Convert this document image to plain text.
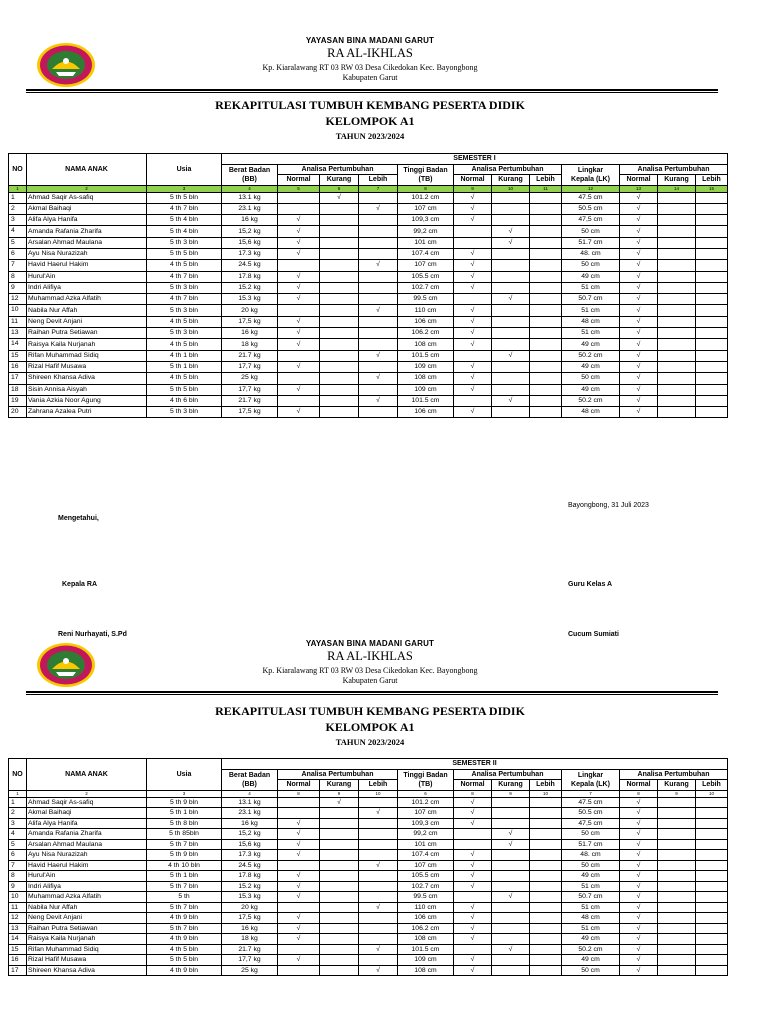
YAYASAN BINA MADANI GARUT
RA AL-IKHLAS
Kp. Kiaralawang RT 03 RW 03 Desa Cikedokan Kec. Bayongbong
Kabupaten Garut
REKAPITULASI TUMBUH KEMBANG PESERTA DIDIK
KELOMPOK A1
TAHUN 2023/2024
NO	NAMA ANAK	Usia	SEMESTER I											
			Berat Badan
(BB)	Analisa Pertumbuhan			Tinggi Badan
(TB)	Analisa Pertumbuhan			Lingkar
Kepala (LK)	Analisa Pertumbuhan		
				Normal	Kurang	Lebih		Normal	Kurang	Lebih		Normal	Kurang	Lebih
1	2	3	4	5	6	7	8	9	10	11	12	13	14	15
1	Ahmad Saqir As-safiq	5 th 5 bln	13.1 kg		√		101.2 cm	√			47.5 cm	√		
2	Akmal Baihaqi	4 th 7 bln	23.1 kg			√	107 cm	√			50.5 cm	√		
3	Alifa Alya Hanifa	5 th 4 bln	16 kg	√			109,3 cm	√			47,5 cm	√		
4	Amanda Rafania Zharifa	5 th 4 bln	15,2 kg	√			99,2 cm		√		50 cm	√		
5	Arsalan Ahmad Maulana	5 th 3 bln	15,6 kg	√			101 cm		√		51.7 cm	√		
6	Ayu Nisa Nurazizah	5 th 5 bln	17.3 kg	√			107.4 cm	√			48. cm	√		
7	Havid Haerul Hakim	4 th 5 bln	24.5 kg			√	107 cm	√			50 cm	√		
8	Hurul'Ain	4 th 7 bln	17.8 kg	√			105.5 cm	√			49 cm	√		
9	Indri Alifiya	5 th 3 bln	15.2 kg	√			102.7 cm	√			51 cm	√		
12	Muhammad Azka Alfatih	4 th 7 bln	15.3 kg	√			99.5 cm		√		50.7 cm	√		
10	Nabila Nur Affah	5 th 3 bln	20 kg			√	110 cm	√			51 cm	√		
11	Neng Devit Anjani	4 th 5 bln	17,5 kg	√			106 cm	√			48 cm	√		
13	Raihan Putra Setiawan	5 th 3 bln	16 kg	√			106.2 cm	√			51 cm	√		
14	Raisya Kaila Nurjanah	4 th 5 bln	18 kg	√			108 cm	√			49 cm	√		
15	Rifan Muhammad Sidiq	4 th 1 bln	21.7 kg			√	101.5 cm		√		50.2 cm	√		
16	Rizal Hafif Musawa	5 th 1 bln	17,7 kg	√			109 cm	√			49 cm	√		
17	Shireen Khansa Adiva	4 th 5 bln	25 kg			√	108 cm	√			50 cm	√		
18	Sisin Annisa Aisyah	5 th 5 bln	17,7 kg	√			109 cm	√			49 cm	√		
19	Vania Azkia Noor Agung	4 th 6 bln	21.7 kg			√	101.5 cm		√		50.2 cm	√		
20	Zahrana Azalea Putri	5 th 3 bln	17,5 kg	√			106 cm	√			48 cm	√		
Bayongbong, 31 Juli 2023
Mengetahui,
Kepala RA	Guru Kelas A
Reni Nurhayati, S.Pd	Cucum Sumiati
YAYASAN BINA MADANI GARUT
RA AL-IKHLAS
Kp. Kiaralawang RT 03 RW 03 Desa Cikedokan Kec. Bayongbong
Kabupaten Garut
REKAPITULASI TUMBUH KEMBANG PESERTA DIDIK
KELOMPOK A1
TAHUN 2023/2024
NO	NAMA ANAK	Usia	SEMESTER II											
			Berat Badan
(BB)	Analisa Pertumbuhan			Tinggi Badan
(TB)	Analisa Pertumbuhan			Lingkar
Kepala (LK)	Analisa Pertumbuhan		
				Normal	Kurang	Lebih		Normal	Kurang	Lebih		Normal	Kurang	Lebih
1	2	3	4	8	9	10	6	8	9	10	7	8	9	10
1	Ahmad Saqir As-safiq	5 th 9 bln	13.1 kg		√		101.2 cm	√			47.5 cm	√		
2	Akmal Baihaqi	5 th 1 bln	23.1 kg			√	107 cm	√			50.5 cm	√		
3	Alifa Alya Hanifa	5 th 8 bln	16 kg	√			109,3 cm	√			47,5 cm	√		
4	Amanda Rafania Zharifa	5 th 85bln	15,2 kg	√			99,2 cm		√		50 cm	√		
5	Arsalan Ahmad Maulana	5 th 7 bln	15,6 kg	√			101 cm		√		51.7 cm	√		
6	Ayu Nisa Nurazizah	5 th 9 bln	17.3 kg	√			107.4 cm	√			48. cm	√		
7	Havid Haerul Hakim	4 th 10 bln	24.5 kg			√	107 cm	√			50 cm	√		
8	Hurul'Ain	5 th 1 bln	17.8 kg	√			105.5 cm	√			49 cm	√		
9	Indri Alifiya	5 th 7 bln	15.2 kg	√			102.7 cm	√			51 cm	√		
10	Muhammad Azka Alfatih	5 th	15.3 kg	√			99.5 cm		√		50.7 cm	√		
11	Nabila Nur Affah	5 th 7 bln	20 kg			√	110 cm	√			51 cm	√		
12	Neng Devit Anjani	4 th 9 bln	17,5 kg	√			106 cm	√			48 cm	√		
13	Raihan Putra Setiawan	5 th 7 bln	16 kg	√			106.2 cm	√			51 cm	√		
14	Raisya Kaila Nurjanah	4 th 9 bln	18 kg	√			108 cm	√			49 cm	√		
15	Rifan Muhammad Sidiq	4 th 5 bln	21.7 kg			√	101.5 cm		√		50.2 cm	√		
16	Rizal Hafif Musawa	5 th 5 bln	17,7 kg	√			109 cm	√			49 cm	√		
17	Shireen Khansa Adiva	4 th 9 bln	25 kg			√	108 cm	√			50 cm	√		
